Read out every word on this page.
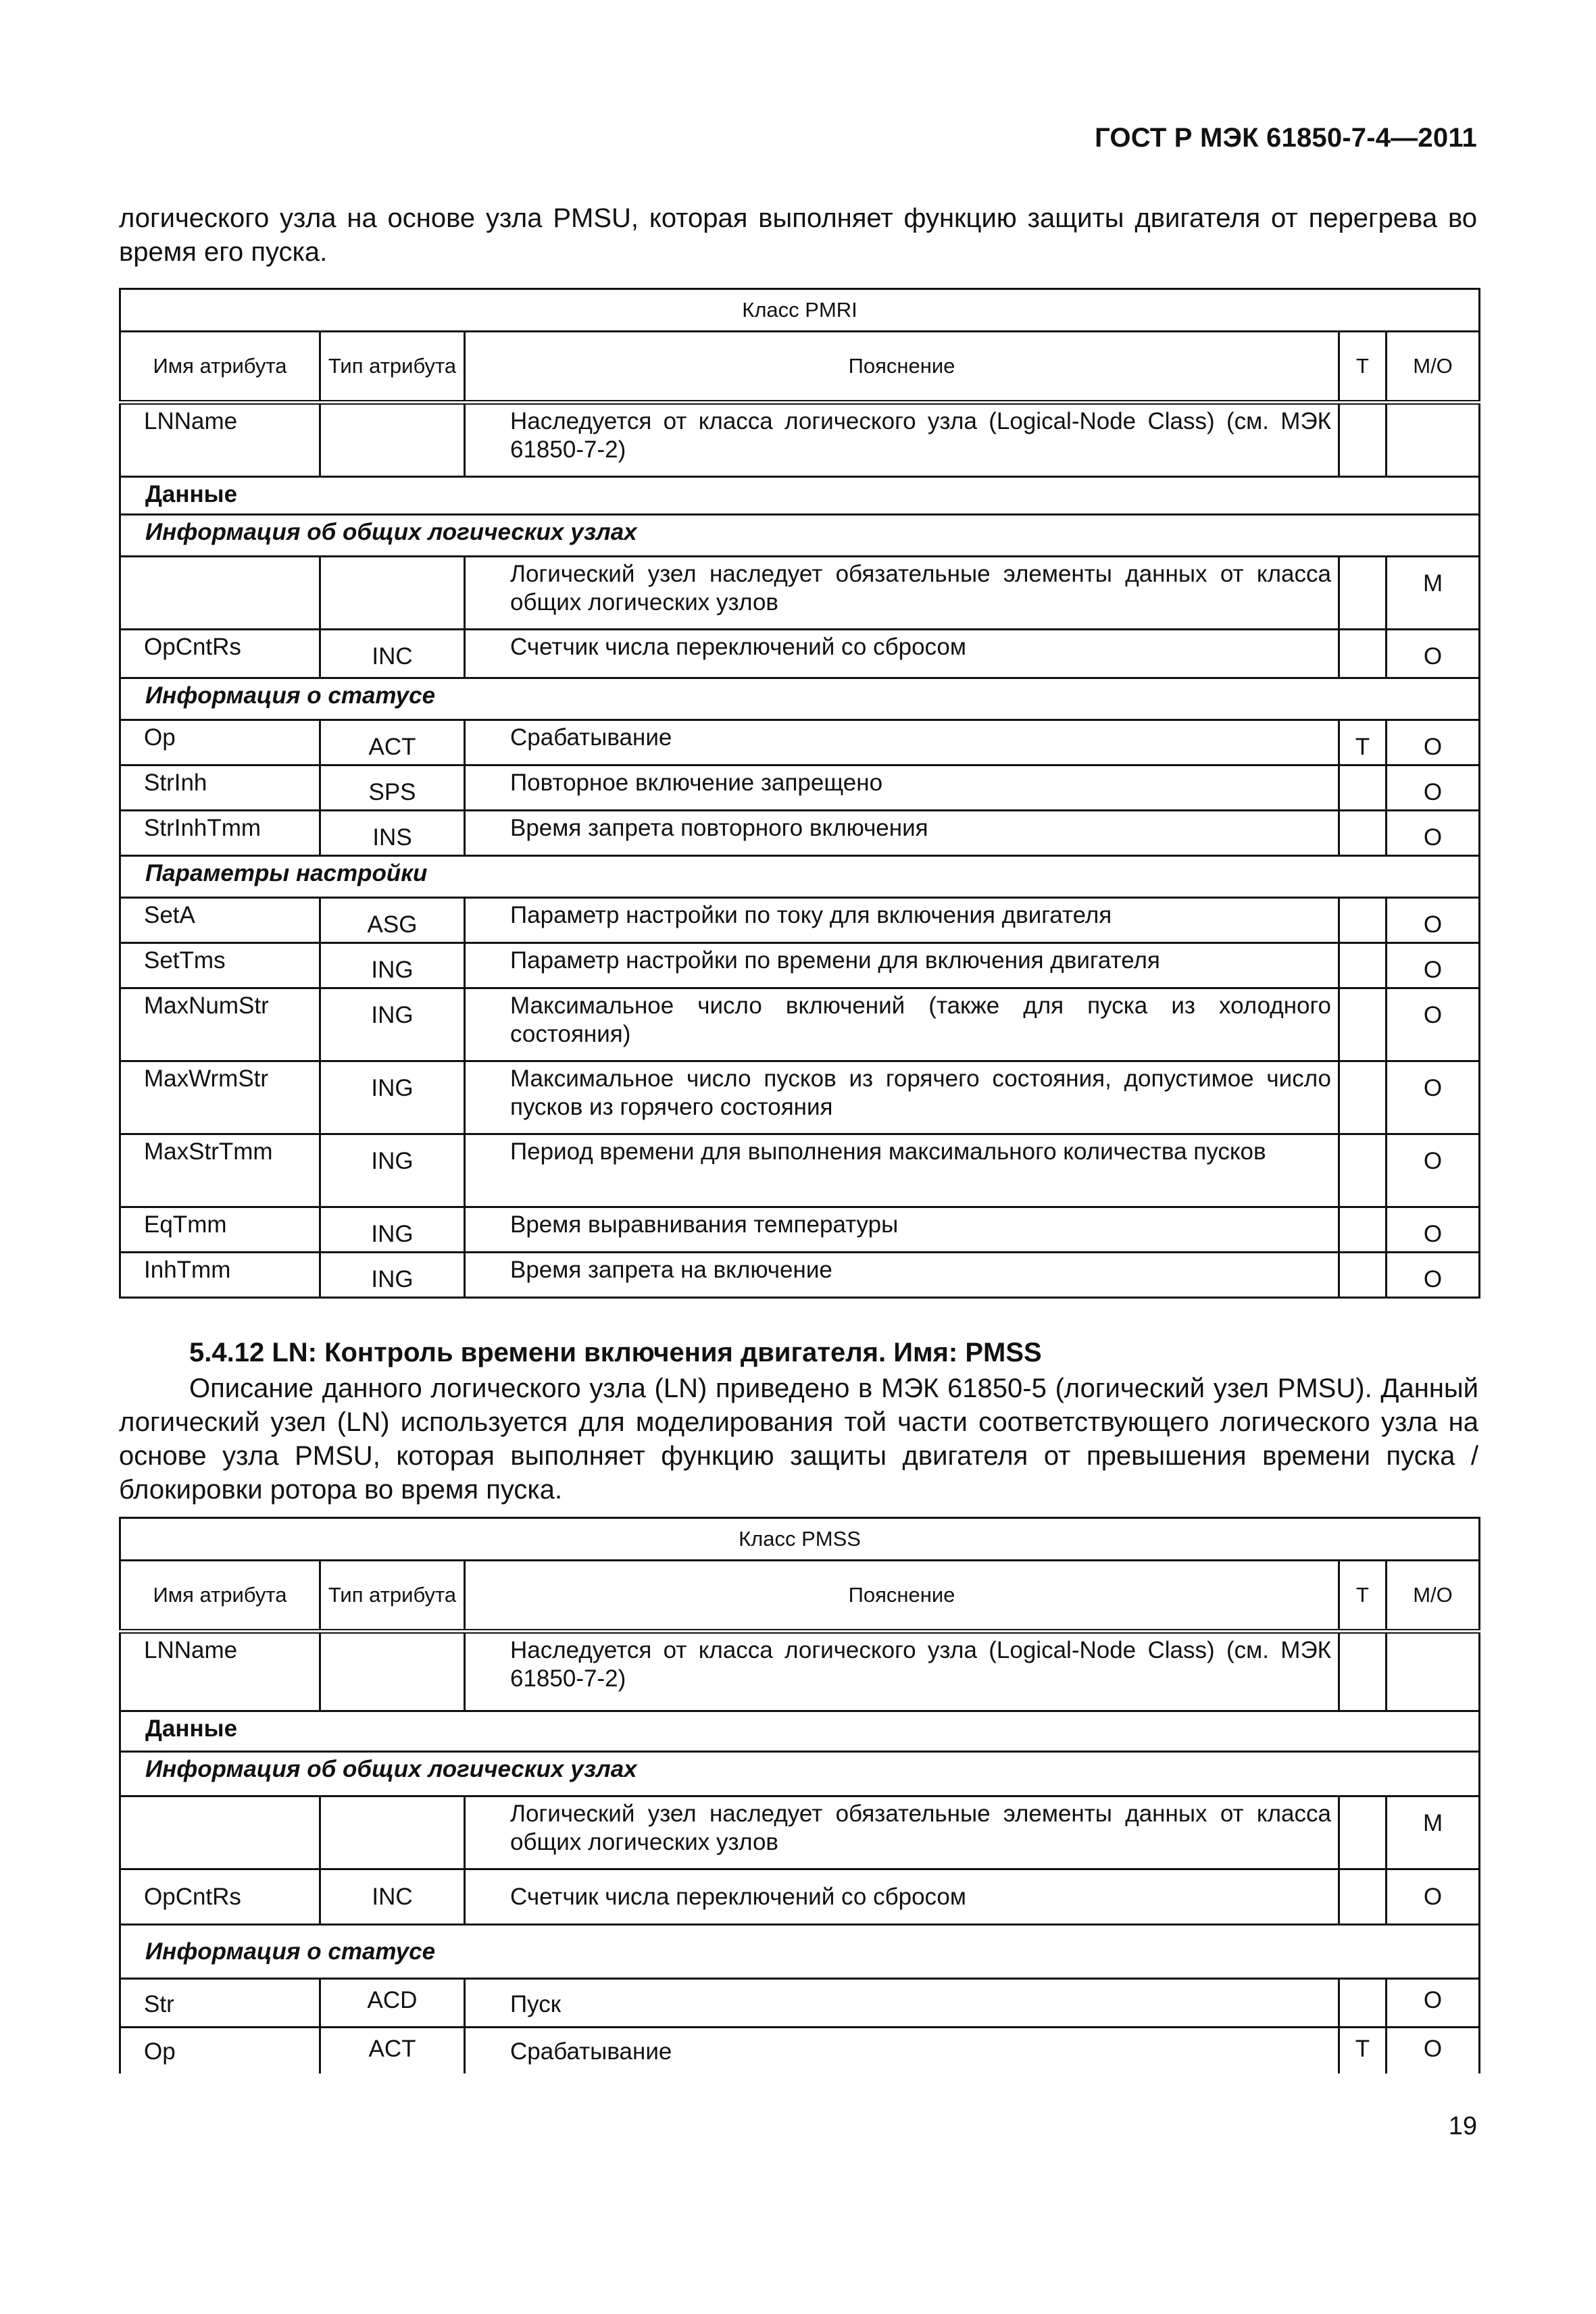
ГОСТ Р МЭК 61850-7-4—2011

логического узла на основе узла PMSU, которая выполняет функцию защиты двигателя от перегрева во время его пуска.

Класс PMRI				
Имя атрибута	Тип атрибута	Пояснение	T	M/O
LNName		Наследуется от класса логического узла (Logical-Node Class) (см. МЭК 61850-7-2)		
Данные				
Информация об общих логических узлах				
		Логический узел наследует обязательные элементы данных от класса общих логических узлов		M
OpCntRs	INC	Счетчик числа переключений со сбросом		O
Информация о статусе				
Op	ACT	Срабатывание	T	O
StrInh	SPS	Повторное включение запрещено		O
StrInhTmm	INS	Время запрета повторного включения		O
Параметры настройки				
SetA	ASG	Параметр настройки по току для включения двигателя		O
SetTms	ING	Параметр настройки по времени для включения двигателя		O
MaxNumStr	ING	Максимальное число включений (также для пуска из холодного состояния)		O
MaxWrmStr	ING	Максимальное число пусков из горячего состояния, допустимое число пусков из горячего состояния		O
MaxStrTmm	ING	Период времени для выполнения максимального количества пусков		O
EqTmm	ING	Время выравнивания температуры		O
InhTmm	ING	Время запрета на включение		O
5.4.12 LN: Контроль времени включения двигателя. Имя: PMSS

Описание данного логического узла (LN) приведено в МЭК 61850-5 (логический узел PMSU). Данный логический узел (LN) используется для моделирования той части соответствующего логического узла на основе узла PMSU, которая выполняет функцию защиты двигателя от превышения времени пуска / блокировки ротора во время пуска.

Класс PMSS				
Имя атрибута	Тип атрибута	Пояснение	T	M/O
LNName		Наследуется от класса логического узла (Logical-Node Class) (см. МЭК 61850-7-2)		
Данные				
Информация об общих логических узлах				
		Логический узел наследует обязательные элементы данных от класса общих логических узлов		M
OpCntRs	INC	Счетчик числа переключений со сбросом		O
Информация о статусе				
Str	ACD	Пуск		O
Op	ACT	Срабатывание	T	O
19
